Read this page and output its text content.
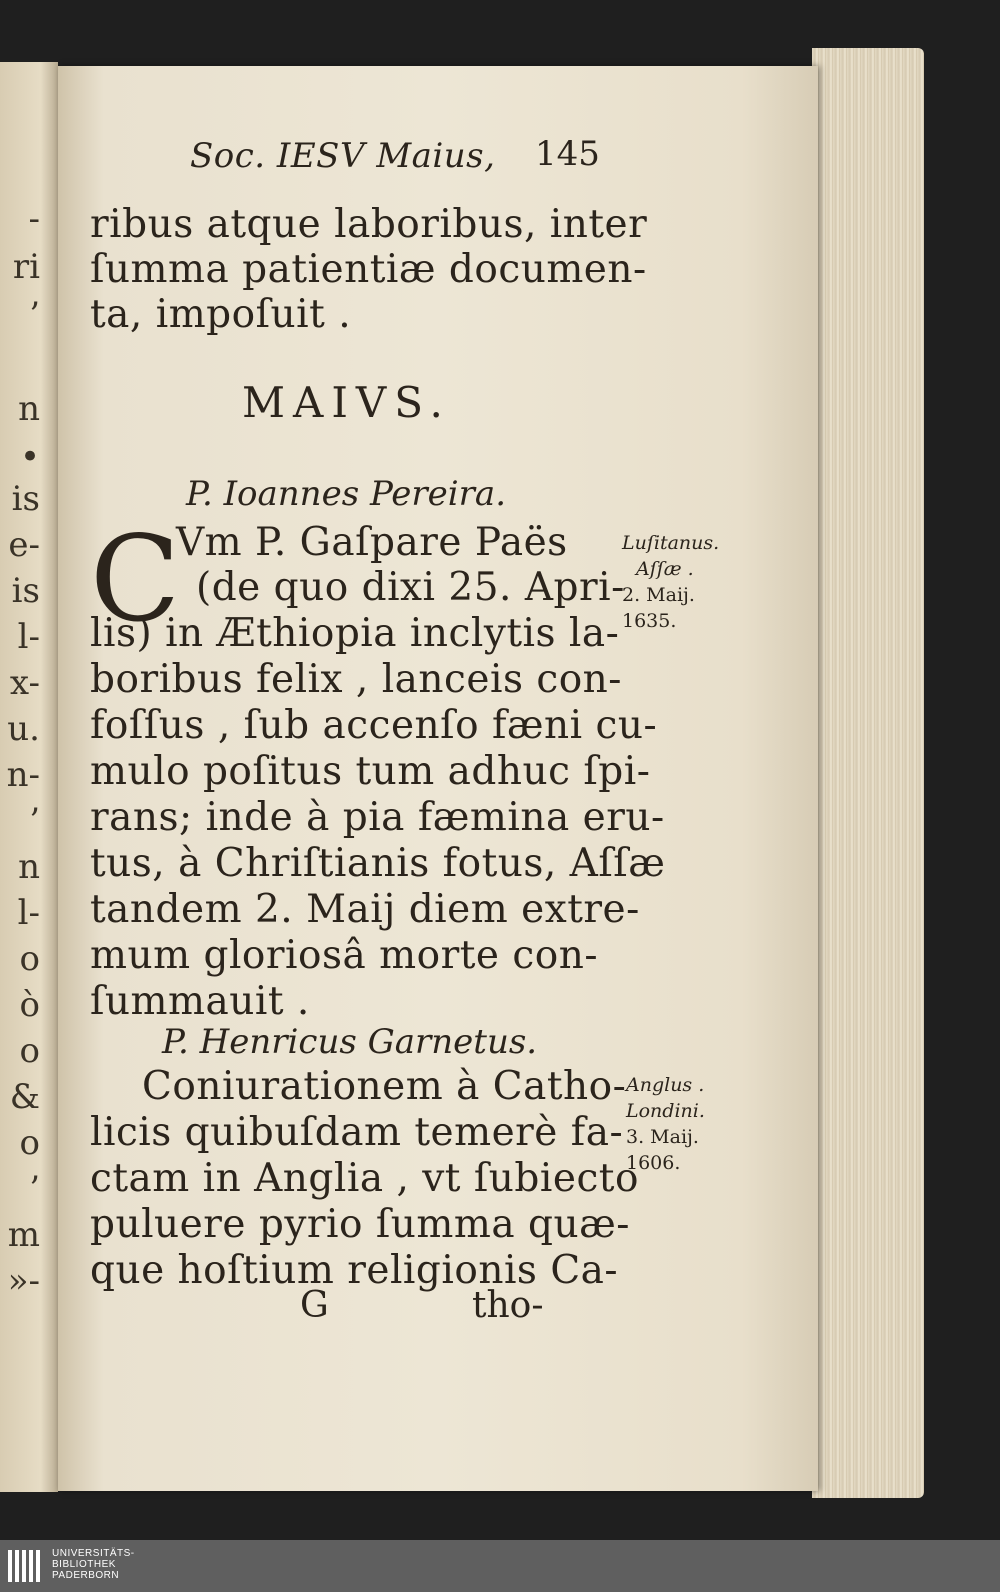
-
ri
’
n
•
is
e-
is
l-
x-
u.
n-
’
n
l-
o
ò
o
&
o
’
m
»-
Soc. IESV Maius, 145
ribus atque laboribus, inter
ſumma patientiæ documen-
ta, impoſuit .
MAIVS.
P. Ioannes Pereira.
C
Vm P. Gaſpare Paës
(de quo dixi 25. Apri-
lis) in Æthiopia inclytis la-
boribus felix , lanceis con-
foſſus , ſub accenſo fæni cu-
mulo poſitus tum adhuc ſpi-
rans; inde à pia fæmina eru-
tus, à Chriſtianis fotus, Aſſæ
tandem 2. Maij diem extre-
mum gloriosâ morte con-
ſummauit .
Luſitanus.
Aſſæ .
2. Maij.
1635.
P. Henricus Garnetus.
Coniurationem à Catho-
licis quibuſdam temerè fa-
ctam in Anglia , vt ſubiecto
puluere pyrio ſumma quæ-
que hoſtium religionis Ca-
Anglus .
Londini.
3. Maij.
1606.
G	tho-
UNIVERSITÄTS-
BIBLIOTHEK
PADERBORN
